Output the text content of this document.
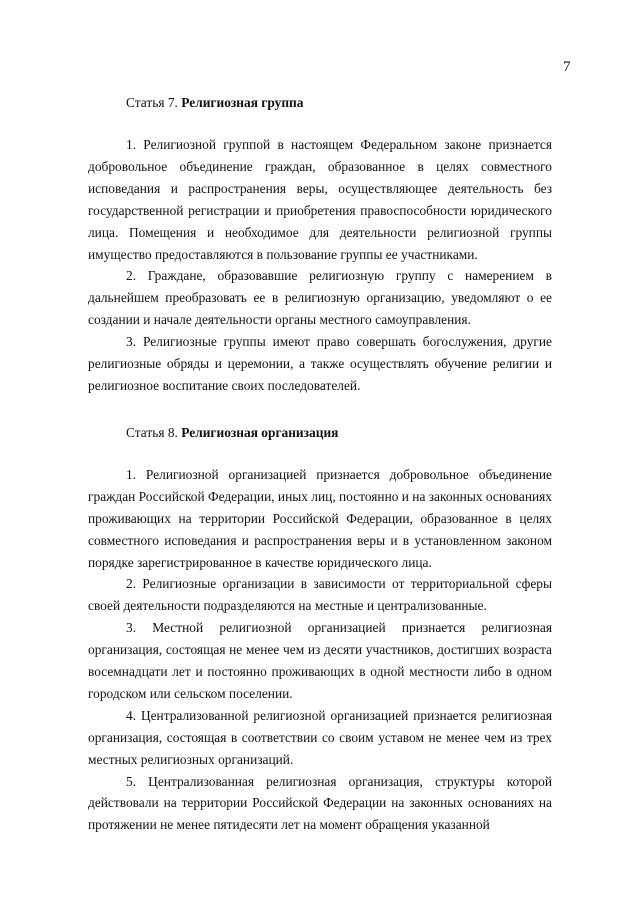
7
Статья 7. Религиозная группа

1. Религиозной группой в настоящем Федеральном законе признается добровольное объединение граждан, образованное в целях совместного исповедания и распространения веры, осуществляющее деятельность без государственной регистрации и приобретения правоспособности юридического лица. Помещения и необходимое для деятельности религиозной группы имущество предоставляются в пользование группы ее участниками.

2. Граждане, образовавшие религиозную группу с намерением в дальнейшем преобразовать ее в религиозную организацию, уведомляют о ее создании и начале деятельности органы местного самоуправления.

3. Религиозные группы имеют право совершать богослужения, другие религиозные обряды и церемонии, а также осуществлять обучение религии и религиозное воспитание своих последователей.

Статья 8. Религиозная организация

1. Религиозной организацией признается добровольное объединение граждан Российской Федерации, иных лиц, постоянно и на законных основаниях проживающих на территории Российской Федерации, образованное в целях совместного исповедания и распространения веры и в установленном законом порядке зарегистрированное в качестве юридического лица.

2. Религиозные организации в зависимости от территориальной сферы своей деятельности подразделяются на местные и централизованные.

3. Местной религиозной организацией признается религиозная организация, состоящая не менее чем из десяти участников, достигших возраста восемнадцати лет и постоянно проживающих в одной местности либо в одном городском или сельском поселении.

4. Централизованной религиозной организацией признается религиозная организация, состоящая в соответствии со своим уставом не менее чем из трех местных религиозных организаций.

5. Централизованная религиозная организация, структуры которой действовали на территории Российской Федерации на законных основаниях на протяжении не менее пятидесяти лет на момент обращения указанной
